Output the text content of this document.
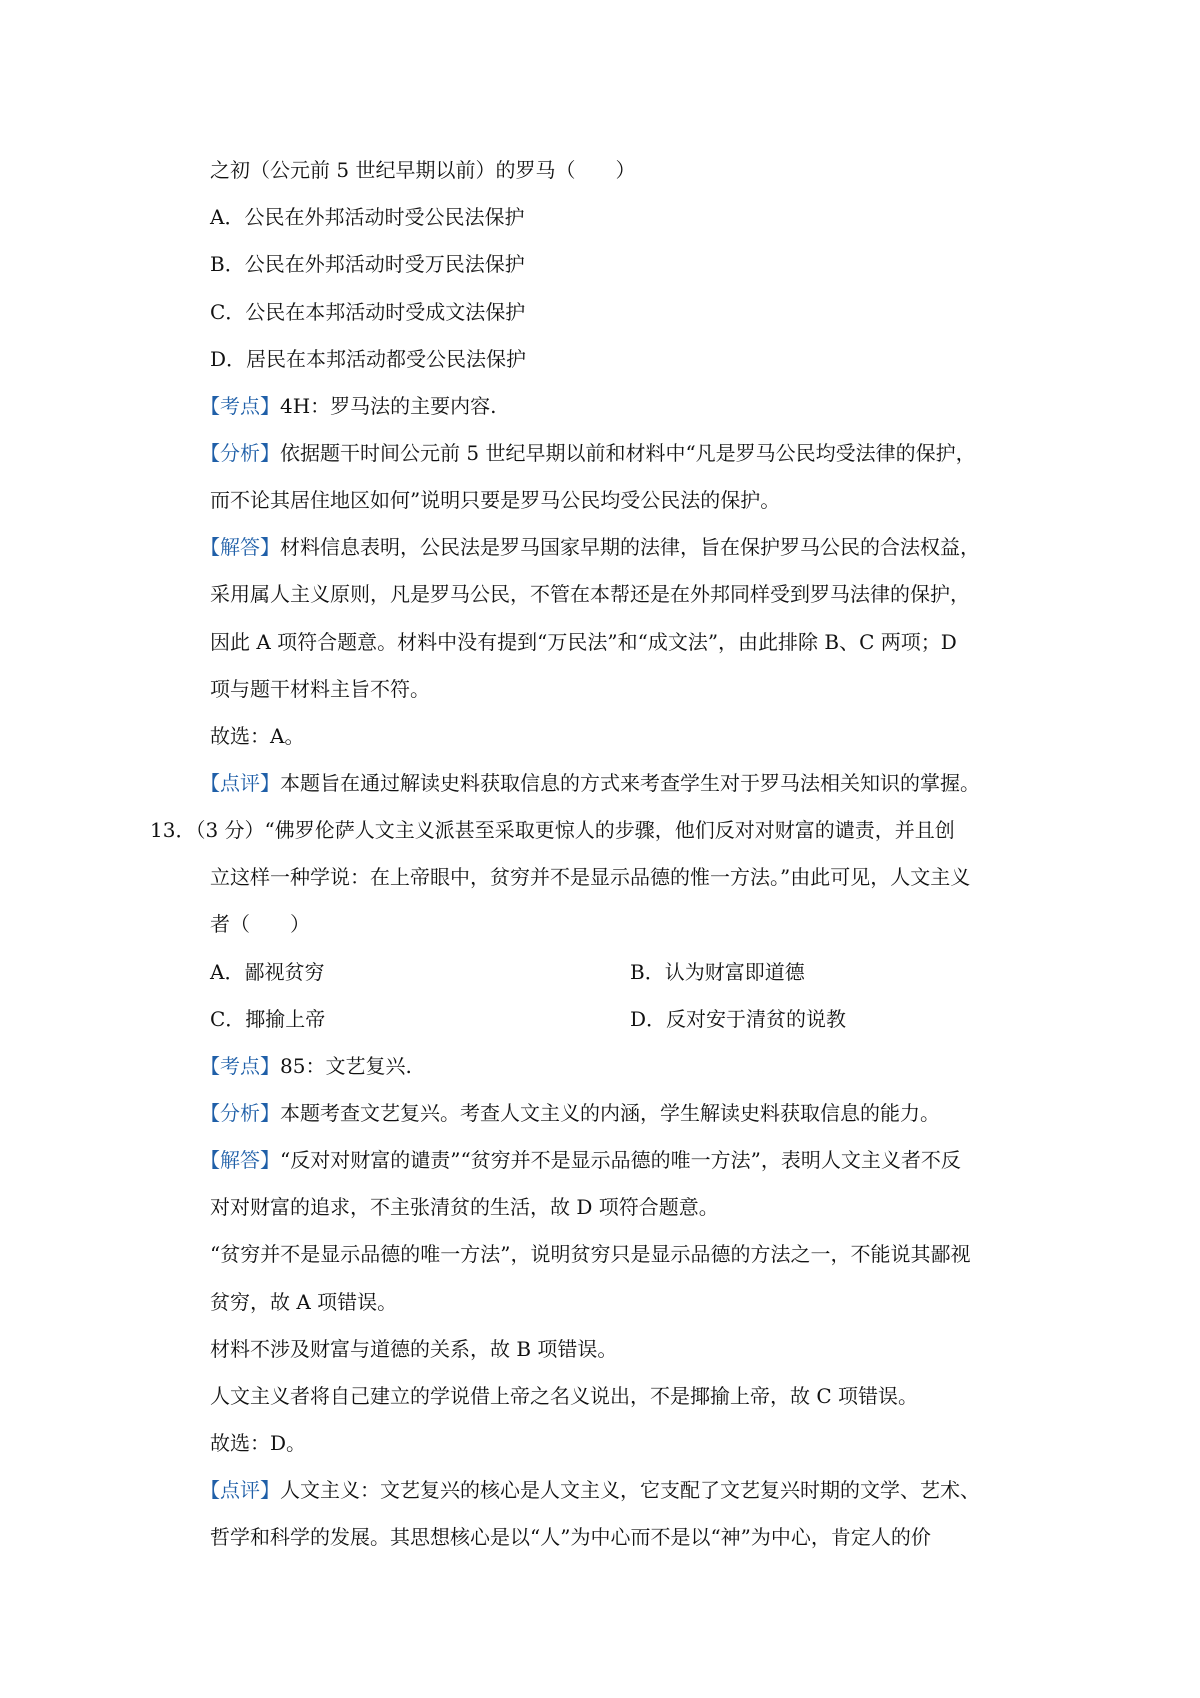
之初（公元前 5 世纪早期以前）的罗马（　　）
A．公民在外邦活动时受公民法保护
B．公民在外邦活动时受万民法保护
C．公民在本邦活动时受成文法保护
D．居民在本邦活动都受公民法保护
【考点】4H：罗马法的主要内容.
【分析】依据题干时间公元前 5 世纪早期以前和材料中“凡是罗马公民均受法律的保护，
而不论其居住地区如何”说明只要是罗马公民均受公民法的保护。
【解答】材料信息表明，公民法是罗马国家早期的法律，旨在保护罗马公民的合法权益，
采用属人主义原则，凡是罗马公民，不管在本帮还是在外邦同样受到罗马法律的保护，
因此 A 项符合题意。材料中没有提到“万民法”和“成文法”，由此排除 B、C 两项；D
项与题干材料主旨不符。
故选：A。
【点评】本题旨在通过解读史料获取信息的方式来考查学生对于罗马法相关知识的掌握。
13．（3 分）“佛罗伦萨人文主义派甚至采取更惊人的步骤，他们反对对财富的谴责，并且创
立这样一种学说：在上帝眼中，贫穷并不是显示品德的惟一方法。”由此可见，人文主义
者（　　）
A．鄙视贫穷	B．认为财富即道德
C．揶揄上帝	D．反对安于清贫的说教
【考点】85：文艺复兴.
【分析】本题考查文艺复兴。考查人文主义的内涵，学生解读史料获取信息的能力。
【解答】“反对对财富的谴责”“贫穷并不是显示品德的唯一方法”，表明人文主义者不反
对对财富的追求，不主张清贫的生活，故 D 项符合题意。
“贫穷并不是显示品德的唯一方法”，说明贫穷只是显示品德的方法之一，不能说其鄙视
贫穷，故 A 项错误。
材料不涉及财富与道德的关系，故 B 项错误。
人文主义者将自己建立的学说借上帝之名义说出，不是揶揄上帝，故 C 项错误。
故选：D。
【点评】人文主义：文艺复兴的核心是人文主义，它支配了文艺复兴时期的文学、艺术、
哲学和科学的发展。其思想核心是以“人”为中心而不是以“神”为中心，肯定人的价
